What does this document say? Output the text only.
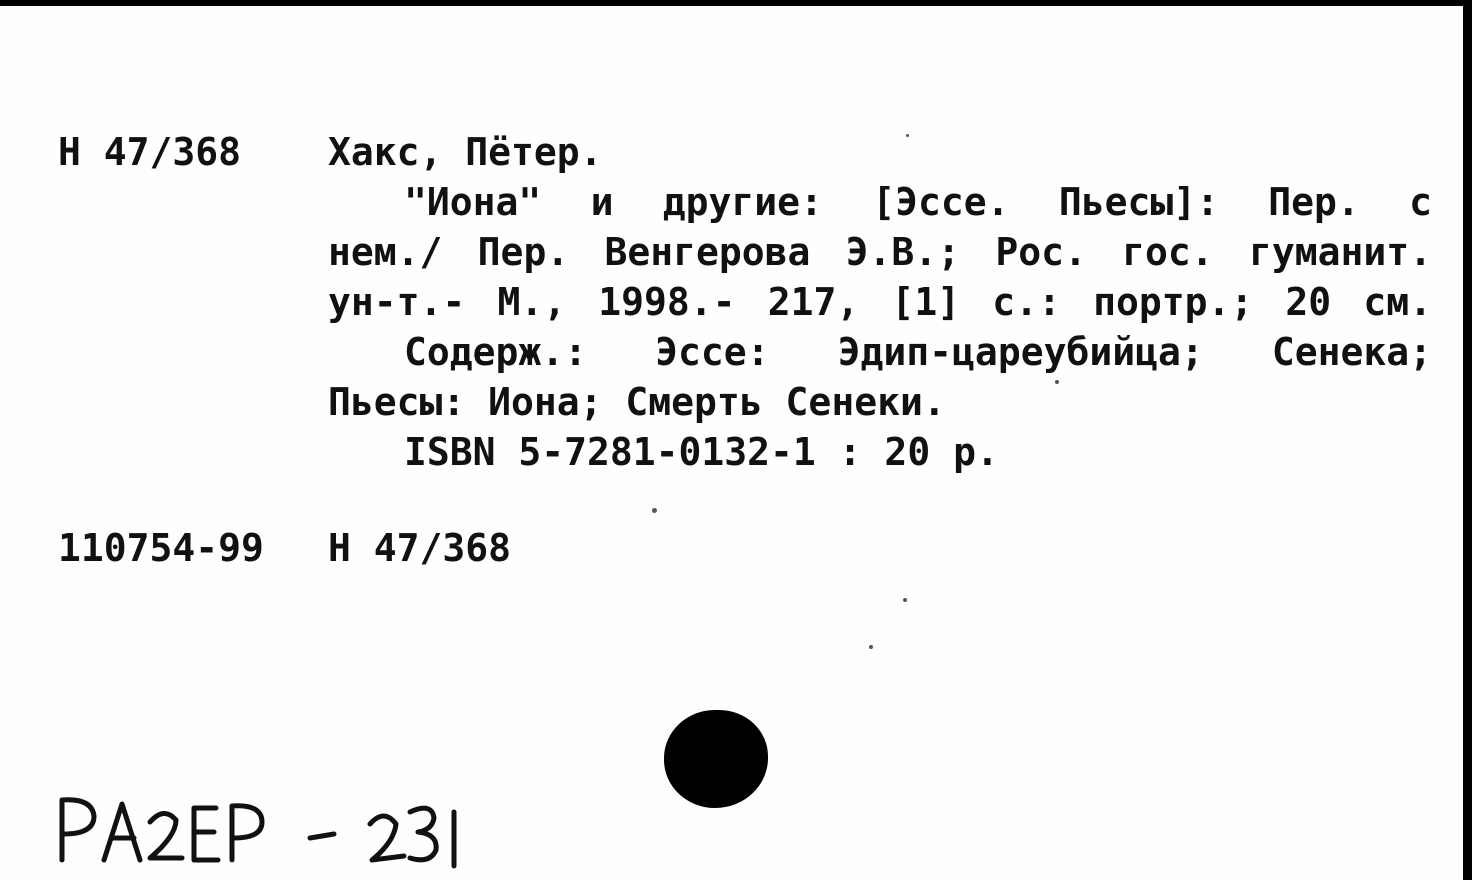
Н 47/368 Хакс, Пётер.
"Иона" и другие: [Эссе. Пьесы]: Пер. с
нем./ Пер. Венгерова Э.В.; Рос. гос. гуманит.
ун-т.- М., 1998.- 217, [1] с.: портр.; 20 см.
Содерж.: Эссе: Эдип-цареубийца; Сенека;
Пьесы: Иона; Смерть Сенеки.
ISBN 5-7281-0132-1 : 20 р.
110754-99 Н 47/368
